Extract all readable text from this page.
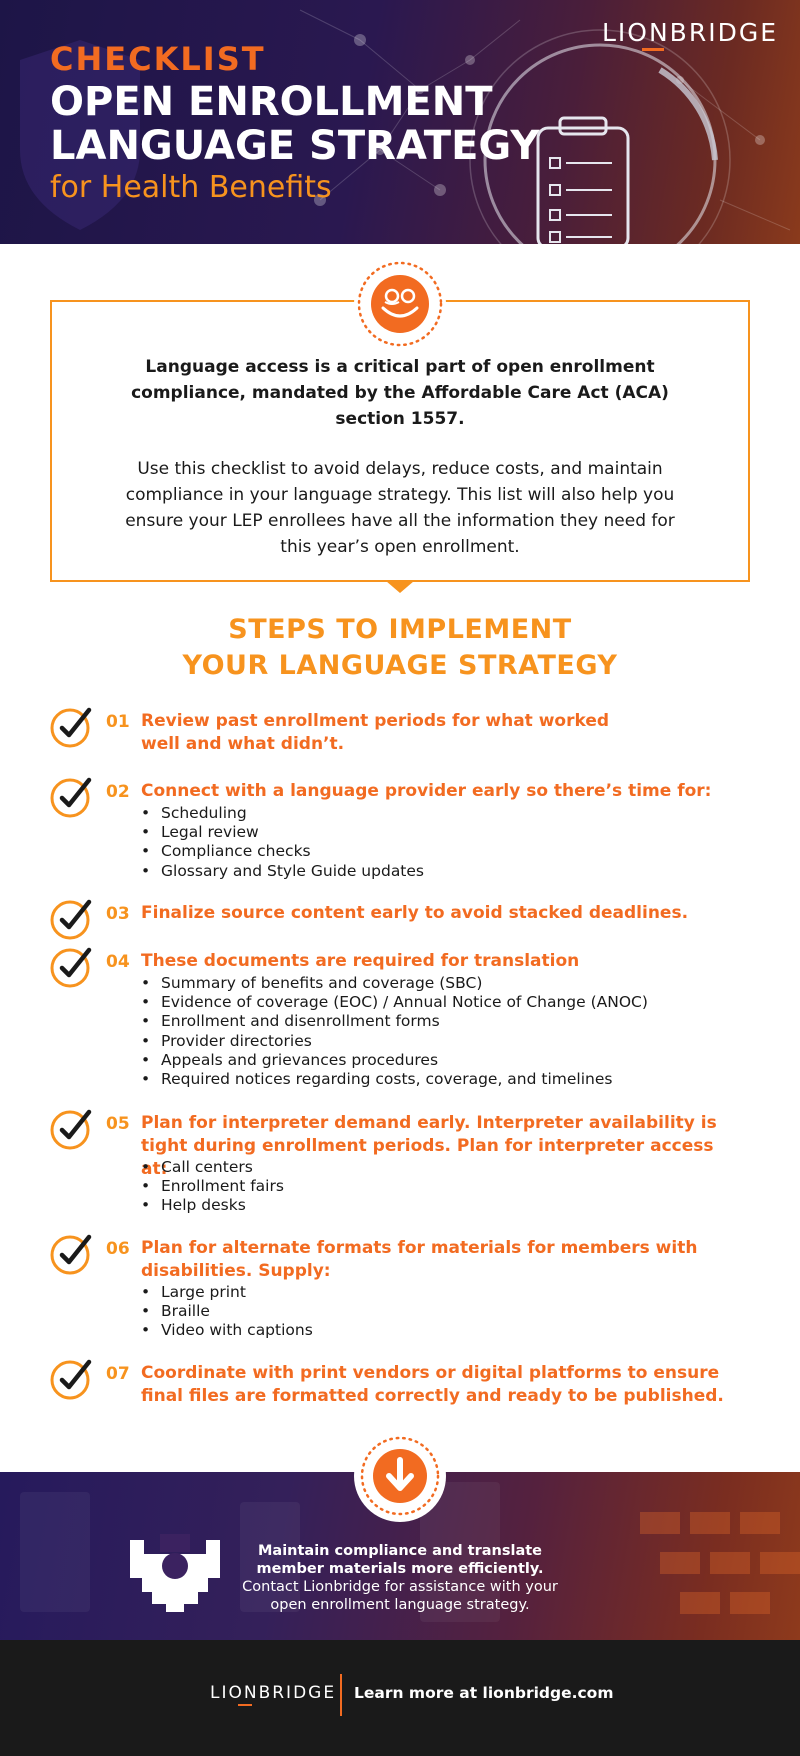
LIONBRIDGE
CHECKLIST
OPEN ENROLLMENT LANGUAGE STRATEGY
for Health Benefits
Language access is a critical part of open enrollment compliance, mandated by the Affordable Care Act (ACA) section 1557.
Use this checklist to avoid delays, reduce costs, and maintain compliance in your language strategy. This list will also help you ensure your LEP enrollees have all the information they need for this year’s open enrollment.
STEPS TO IMPLEMENT
YOUR LANGUAGE STRATEGY
01 Review past enrollment periods for what worked well and what didn’t.
02 Connect with a language provider early so there’s time for:
• Scheduling
• Legal review
• Compliance checks
• Glossary and Style Guide updates
03 Finalize source content early to avoid stacked deadlines.
04 These documents are required for translation
• Summary of benefits and coverage (SBC)
• Evidence of coverage (EOC) / Annual Notice of Change (ANOC)
• Enrollment and disenrollment forms
• Provider directories
• Appeals and grievances procedures
• Required notices regarding costs, coverage, and timelines
05 Plan for interpreter demand early. Interpreter availability is tight during enrollment periods. Plan for interpreter access at:
• Call centers
• Enrollment fairs
• Help desks
06 Plan for alternate formats for materials for members with disabilities. Supply:
• Large print
• Braille
• Video with captions
07 Coordinate with print vendors or digital platforms to ensure final files are formatted correctly and ready to be published.
Maintain compliance and translate member materials more efficiently.
Contact Lionbridge for assistance with your open enrollment language strategy.
LIONBRIDGE Learn more at lionbridge.com
